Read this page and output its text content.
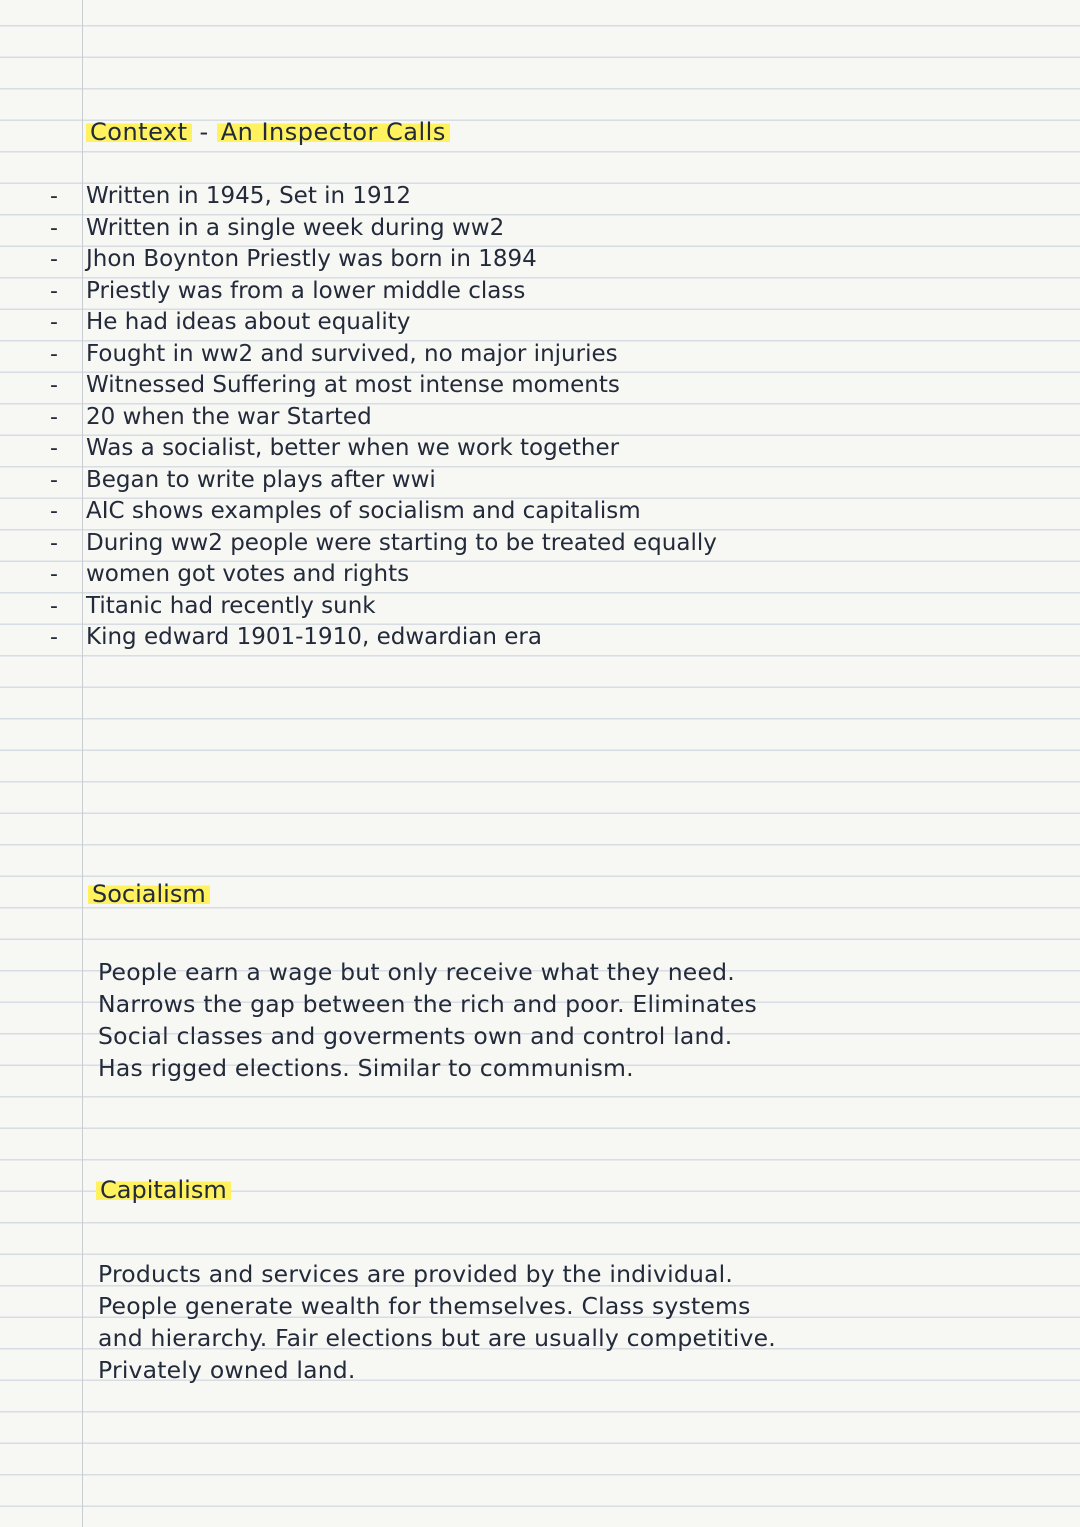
Context - An Inspector Calls
-	Written in 1945, Set in 1912
-	Written in a single week during ww2
-	Jhon Boynton Priestly was born in 1894
-	Priestly was from a lower middle class
-	He had ideas about equality
-	Fought in ww2 and survived, no major injuries
-	Witnessed Suffering at most intense moments
-	20 when the war Started
-	Was a socialist, better when we work together
-	Began to write plays after wwi
-	AIC shows examples of socialism and capitalism
-	During ww2 people were starting to be treated equally
-	women got votes and rights
-	Titanic had recently sunk
-	King edward 1901-1910, edwardian era
Socialism

People earn a wage but only receive what they need.
Narrows the gap between the rich and poor. Eliminates
Social classes and goverments own and control land.
Has rigged elections. Similar to communism.

Capitalism

Products and services are provided by the individual.
People generate wealth for themselves. Class systems
and hierarchy. Fair elections but are usually competitive.
Privately owned land.
